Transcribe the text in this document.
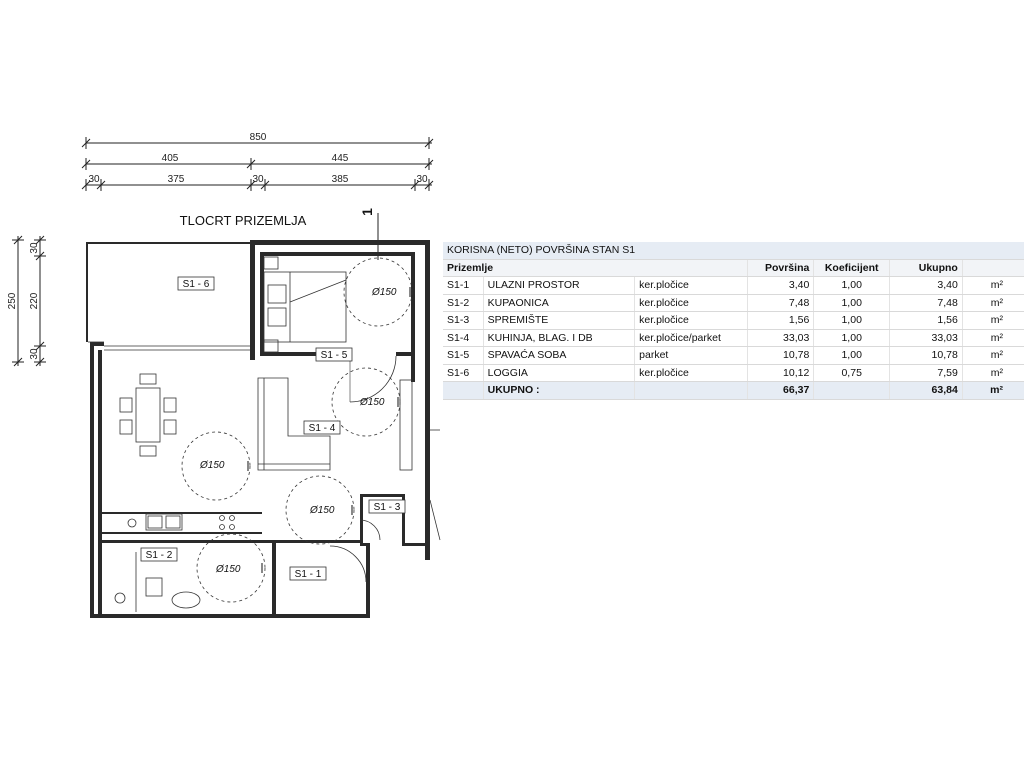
850
405	445
30	375	30	385	30
250
30
220
30
TLOCRT PRIZEMLJA
1
Ø150
Ø150
Ø150
Ø150
Ø150
S1 - 6
S1 - 5
S1 - 4
S1 - 3
S1 - 2
S1 - 1
KORISNA (NETO) POVRŠINA STAN S1						
Prizemlje			Površina	Koeficijent	Ukupno	
S1-1	ULAZNI PROSTOR	ker.pločice	3,40	1,00	3,40	m²
S1-2	KUPAONICA	ker.pločice	7,48	1,00	7,48	m²
S1-3	SPREMIŠTE	ker.pločice	1,56	1,00	1,56	m²
S1-4	KUHINJA, BLAG. I DB	ker.pločice/parket	33,03	1,00	33,03	m²
S1-5	SPAVAĆA SOBA	parket	10,78	1,00	10,78	m²
S1-6	LOGGIA	ker.pločice	10,12	0,75	7,59	m²
	UKUPNO :		66,37		63,84	m²
